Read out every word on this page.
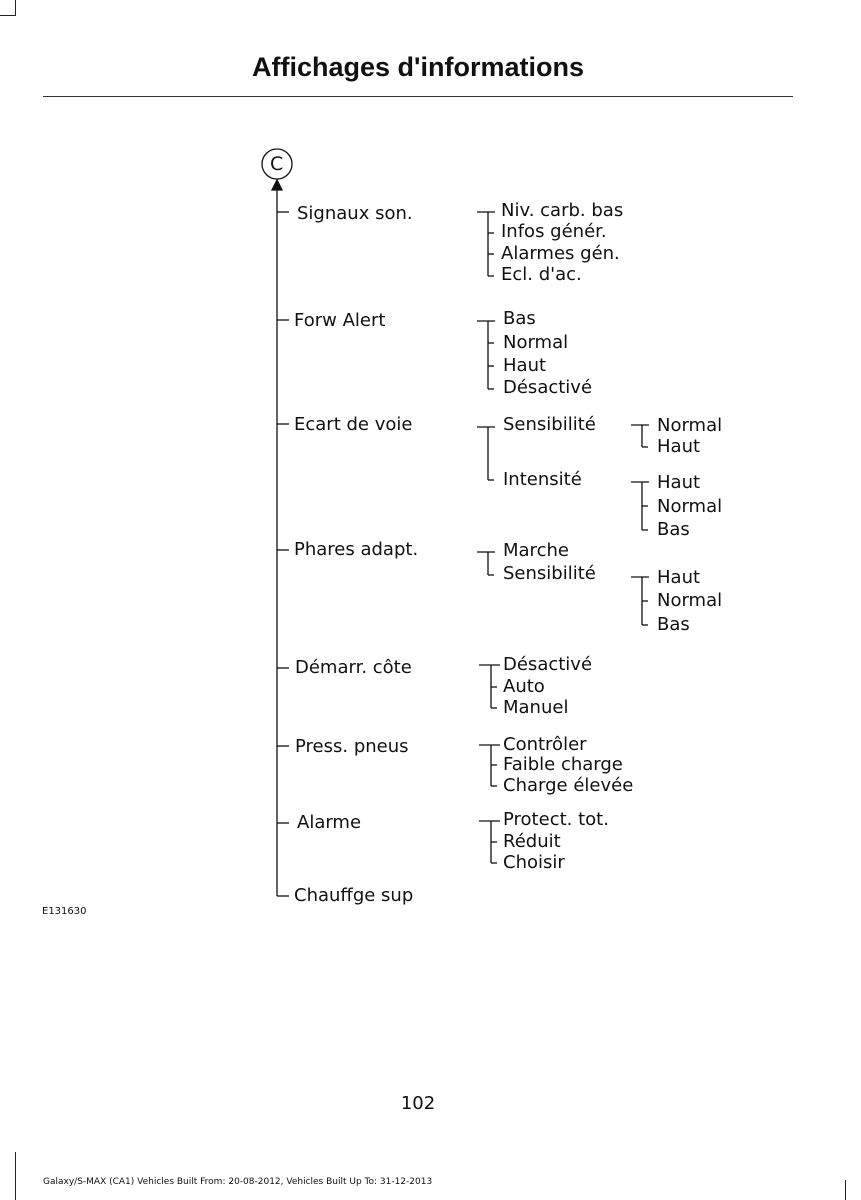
Affichages d'informations
C
Signaux son.
Forw Alert
Ecart de voie
Phares adapt.
Démarr. côte
Press. pneus
Alarme
Chauffge sup
Niv. carb. bas
Infos génér.
Alarmes gén.
Ecl. d'ac.
Bas
Normal
Haut
Désactivé
Sensibilité
Intensité
Normal
Haut
Haut
Normal
Bas
Marche
Sensibilité	Haut
Normal
Bas
Désactivé
Auto
Manuel
Contrôler
Faible charge
Charge élevée
Protect. tot.
Réduit
Choisir
E131630
102
Galaxy/S-MAX (CA1) Vehicles Built From: 20-08-2012, Vehicles Built Up To: 31-12-2013
